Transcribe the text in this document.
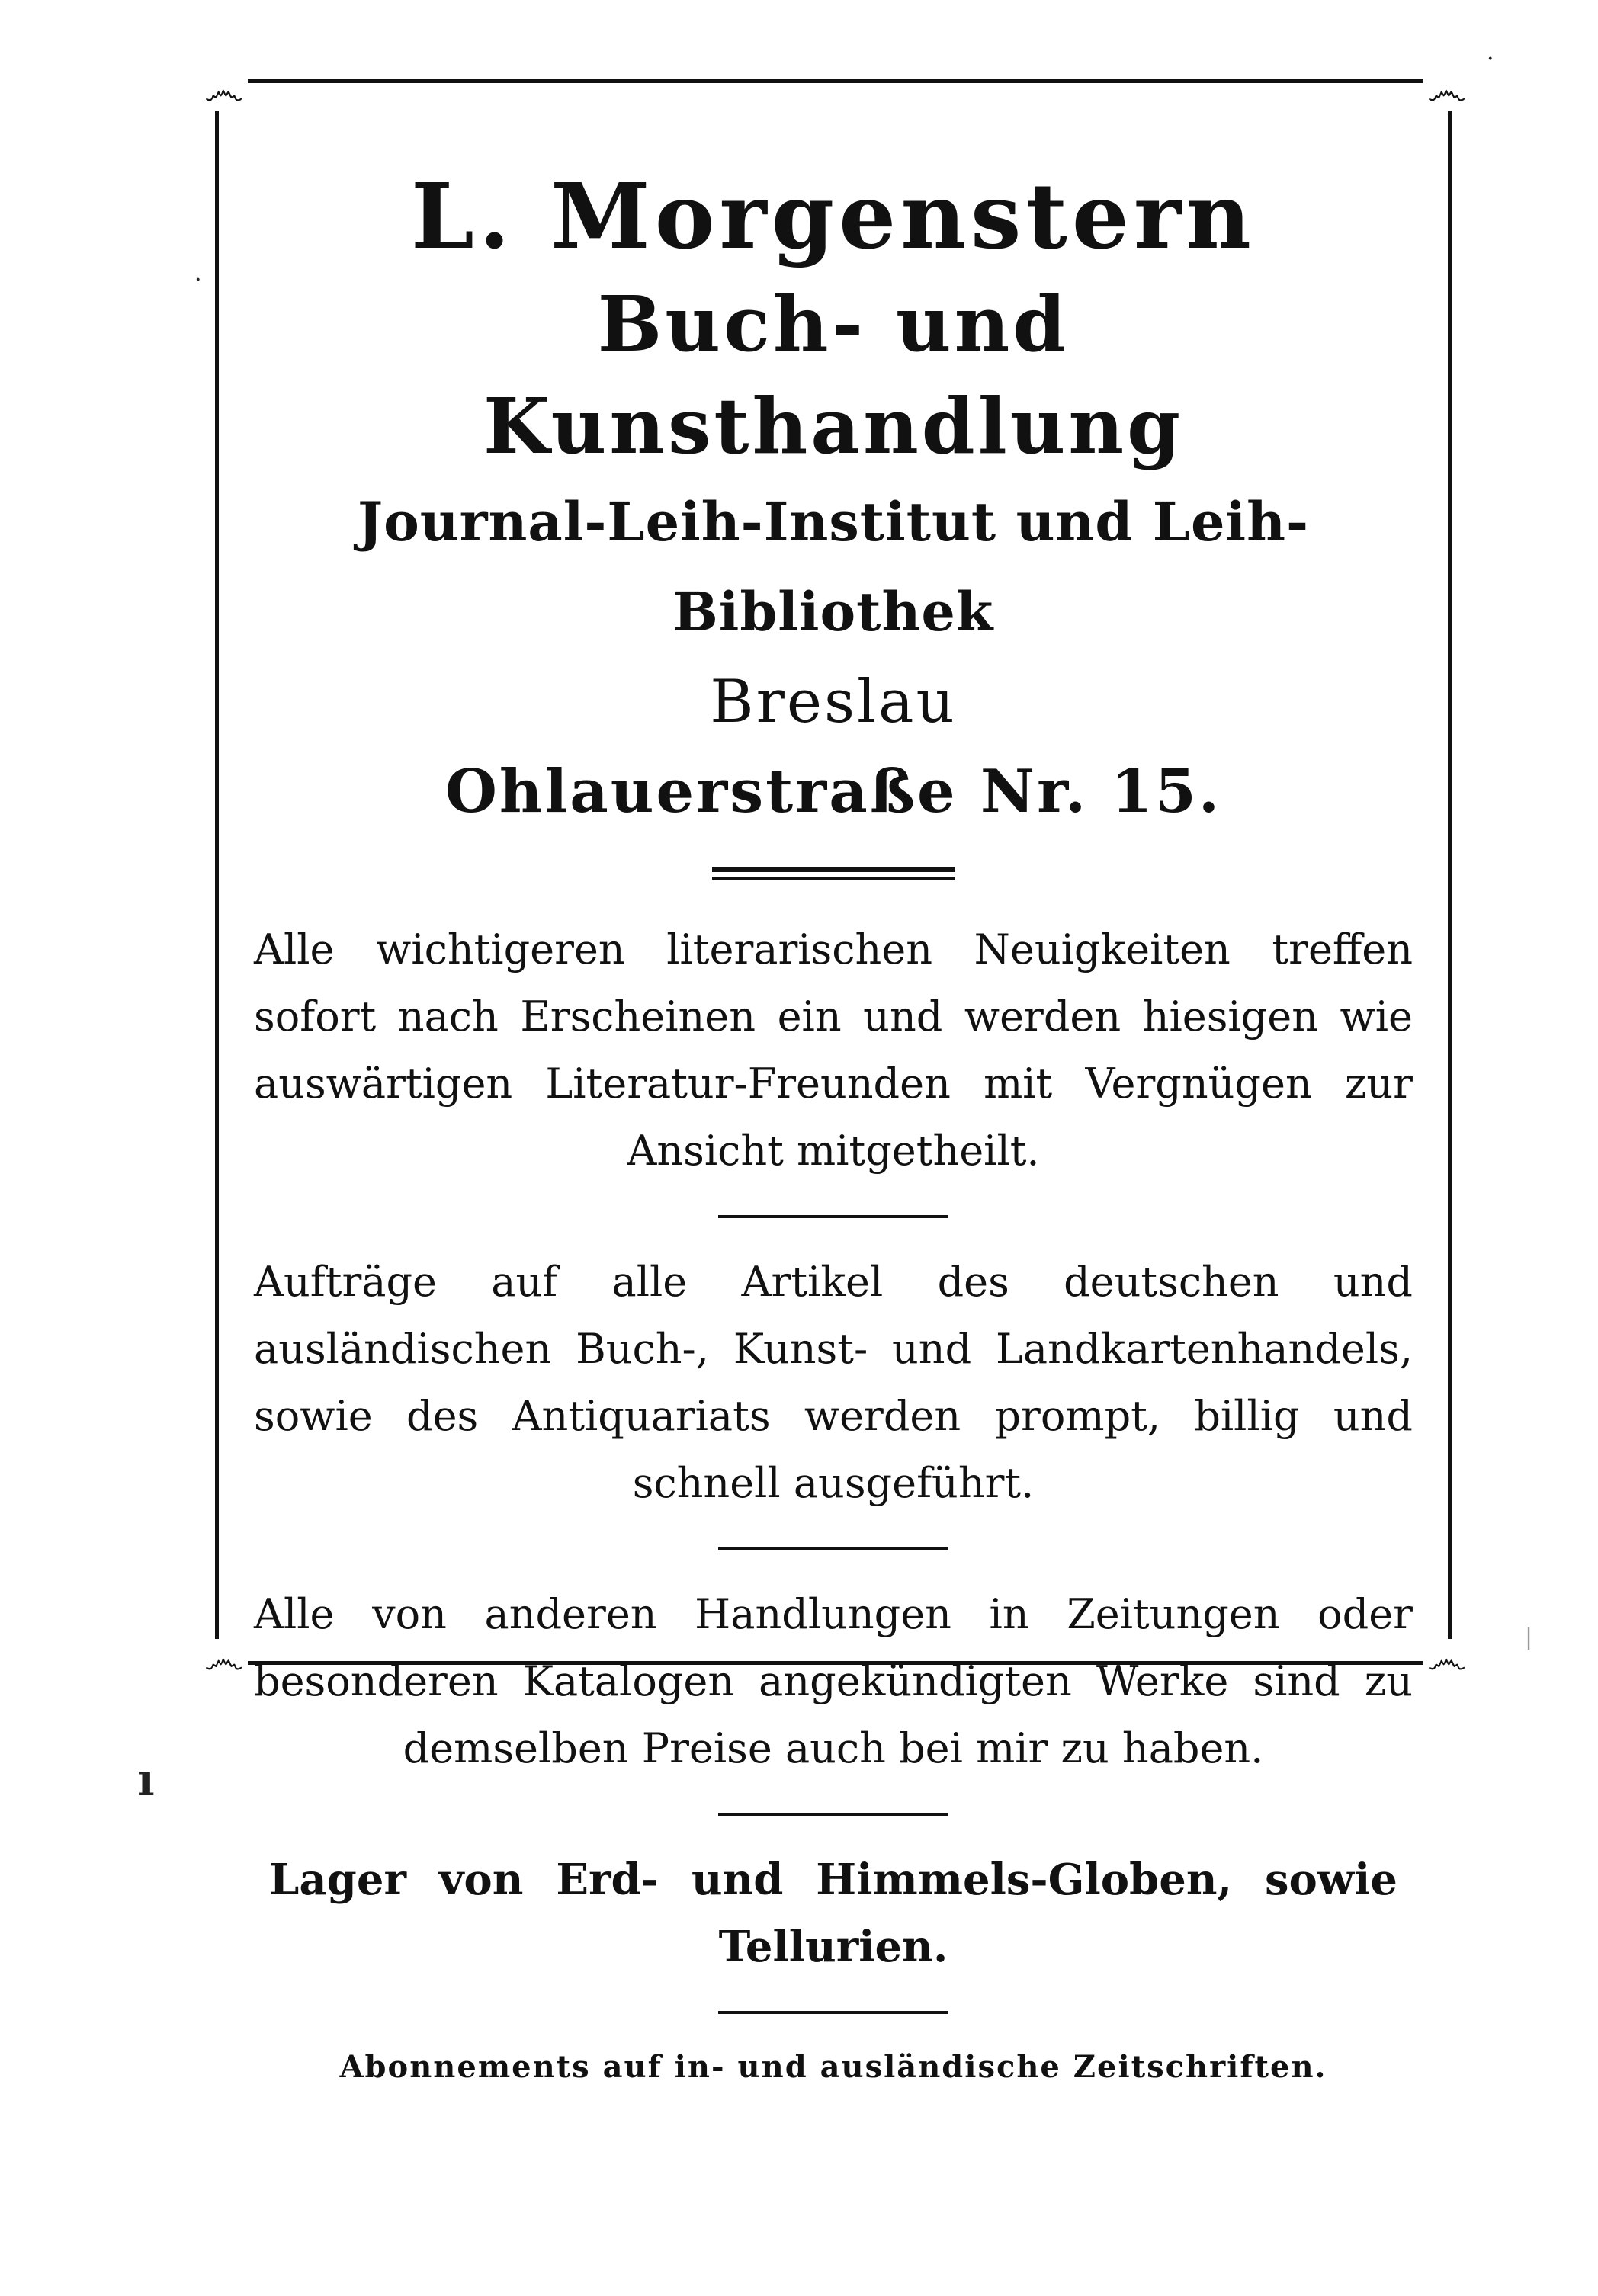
෴	෴
෴	෴
L. Morgenstern
Buch- und Kunsthandlung
Journal-Leih-Institut und Leih-Bibliothek
Breslau
Ohlauerstraße Nr. 15.

Alle wichtigeren literarischen Neuigkeiten treffen sofort nach Erscheinen ein und werden hiesigen wie auswärtigen Literatur-Freunden mit Vergnügen zur Ansicht mitgetheilt.

Aufträge auf alle Artikel des deutschen und ausländischen Buch-, Kunst- und Landkartenhandels, sowie des Antiquariats werden prompt, billig und schnell ausgeführt.

Alle von anderen Handlungen in Zeitungen oder besonderen Katalogen angekündigten Werke sind zu demselben Preise auch bei mir zu haben.

Lager von Erd- und Himmels-Globen, sowie Tellurien.

Abonnements auf in- und ausländische Zeitschriften.

·
·
ı
|
